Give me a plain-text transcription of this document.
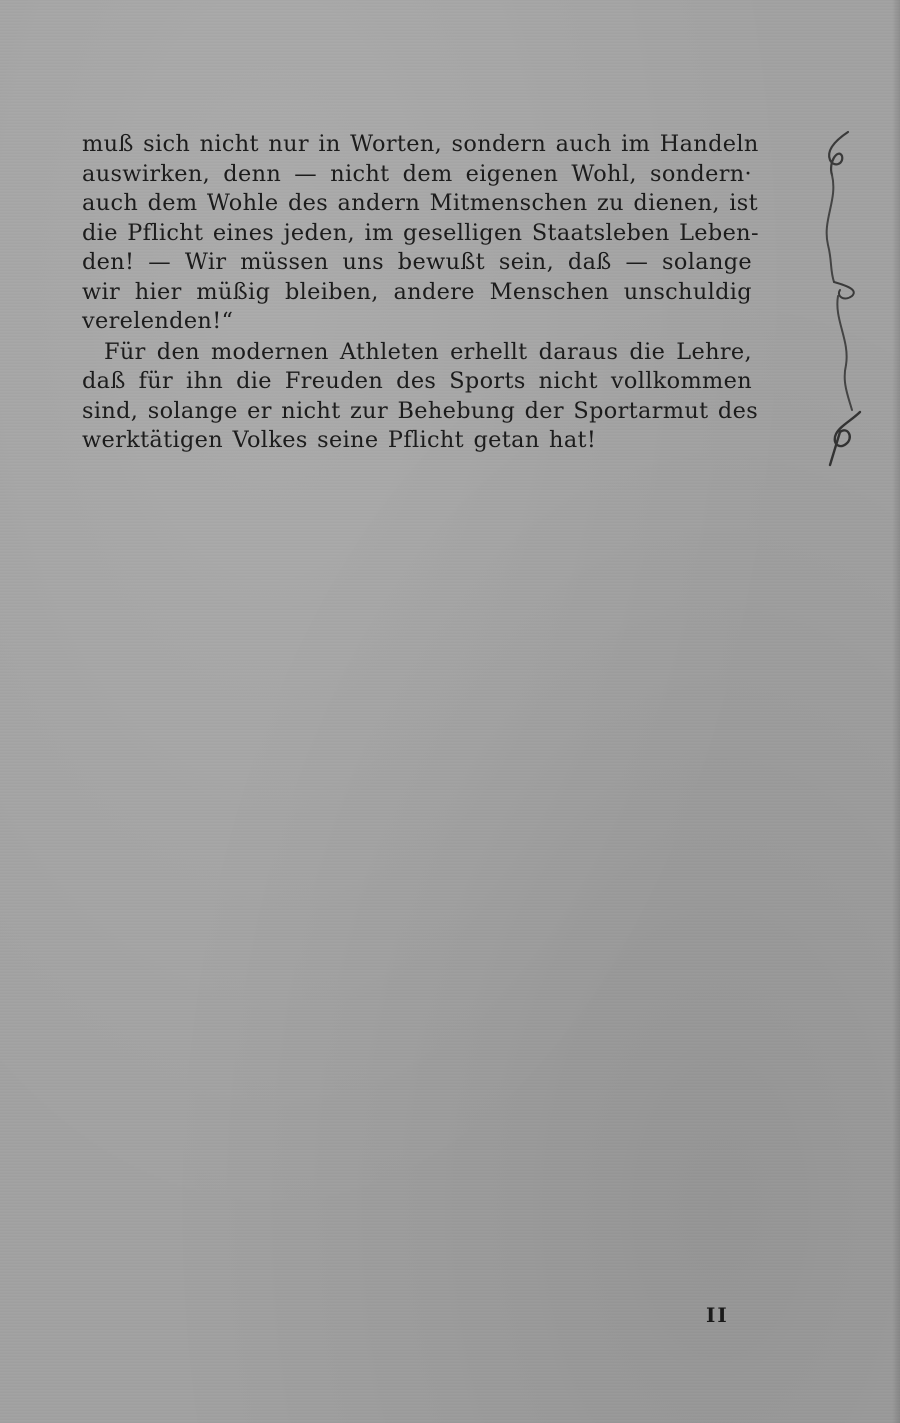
muß sich nicht nur in Worten, sondern auch im Handeln
auswirken, denn — nicht dem eigenen Wohl, sondern·
auch dem Wohle des andern Mitmenschen zu dienen, ist
die Pflicht eines jeden, im geselligen Staatsleben Leben-
den! — Wir müssen uns bewußt sein, daß — solange
wir hier müßig bleiben, andere Menschen unschuldig
verelenden!“
Für den modernen Athleten erhellt daraus die Lehre,
daß für ihn die Freuden des Sports nicht vollkommen
sind, solange er nicht zur Behebung der Sportarmut des
werktätigen Volkes seine Pflicht getan hat!
II
